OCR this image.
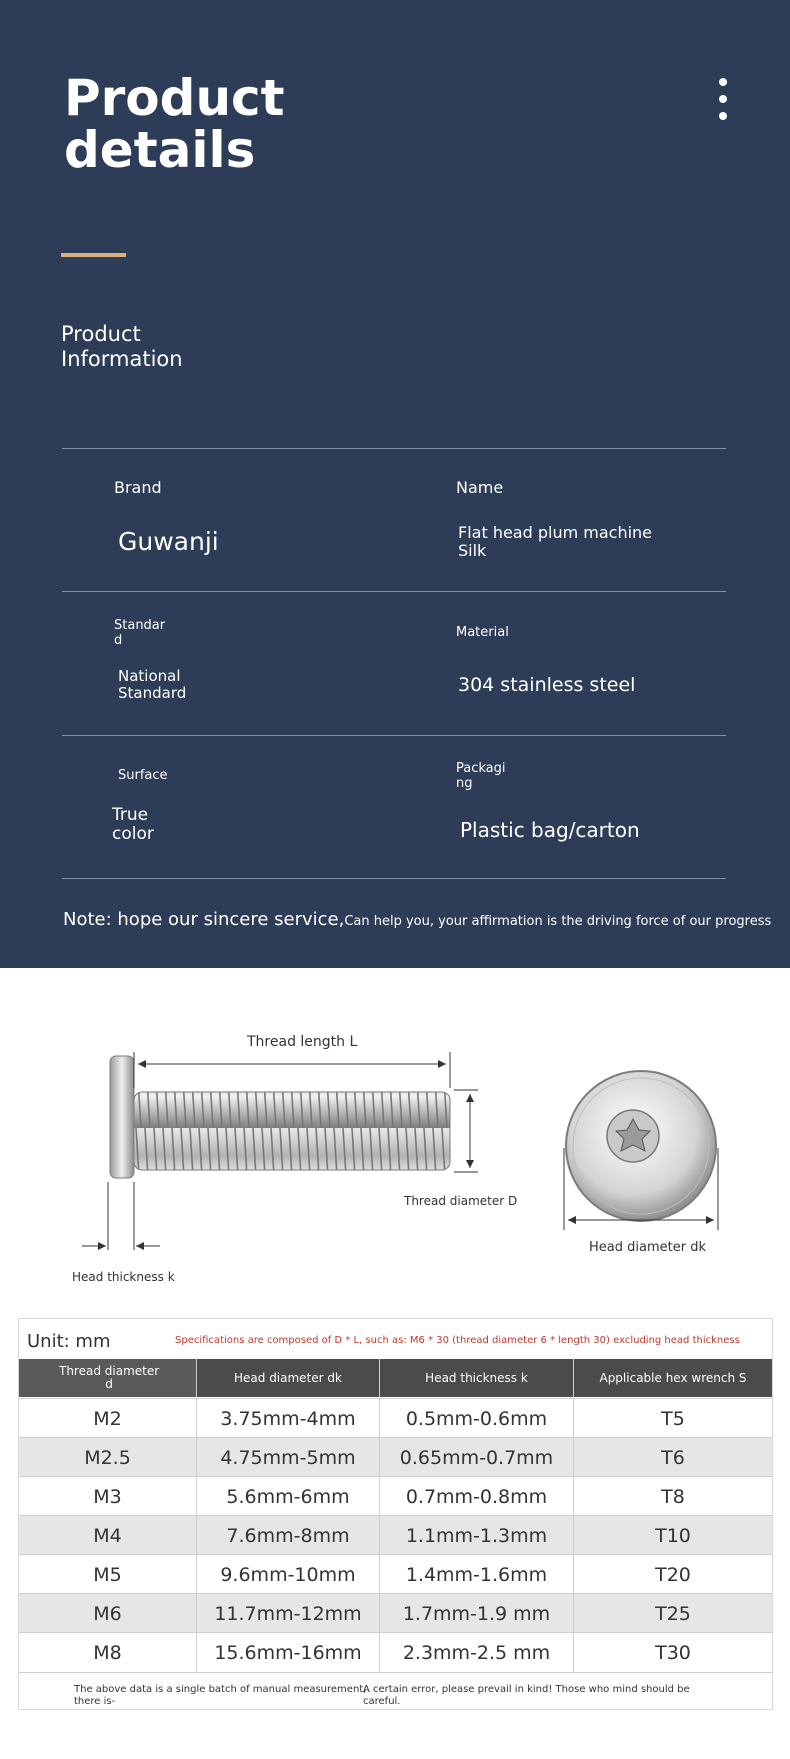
Product
details
Product
Information
Brand
Guwanji
Name
Flat head plum machine
Silk
Standar
d
National
Standard
Material
304 stainless steel
Surface
True
color
Packagi
ng
Plastic bag/carton
Note: hope our sincere service,Can help you, your affirmation is the driving force of our progress
Thread length L
Thread diameter D
Head thickness k
Head diameter dk
Unit: mm	Specifications are composed of D * L, such as: M6 * 30 (thread diameter 6 * length 30) excluding head thickness
Thread diameter
d	Head diameter dk	Head thickness k	Applicable hex wrench S
M2	3.75mm-4mm	0.5mm-0.6mm	T5
M2.5	4.75mm-5mm	0.65mm-0.7mm	T6
M3	5.6mm-6mm	0.7mm-0.8mm	T8
M4	7.6mm-8mm	1.1mm-1.3mm	T10
M5	9.6mm-10mm	1.4mm-1.6mm	T20
M6	11.7mm-12mm	1.7mm-1.9 mm	T25
M8	15.6mm-16mm	2.3mm-2.5 mm	T30
The above data is a single batch of manual measurement,
there is-
A certain error, please prevail in kind! Those who mind should be
careful.
